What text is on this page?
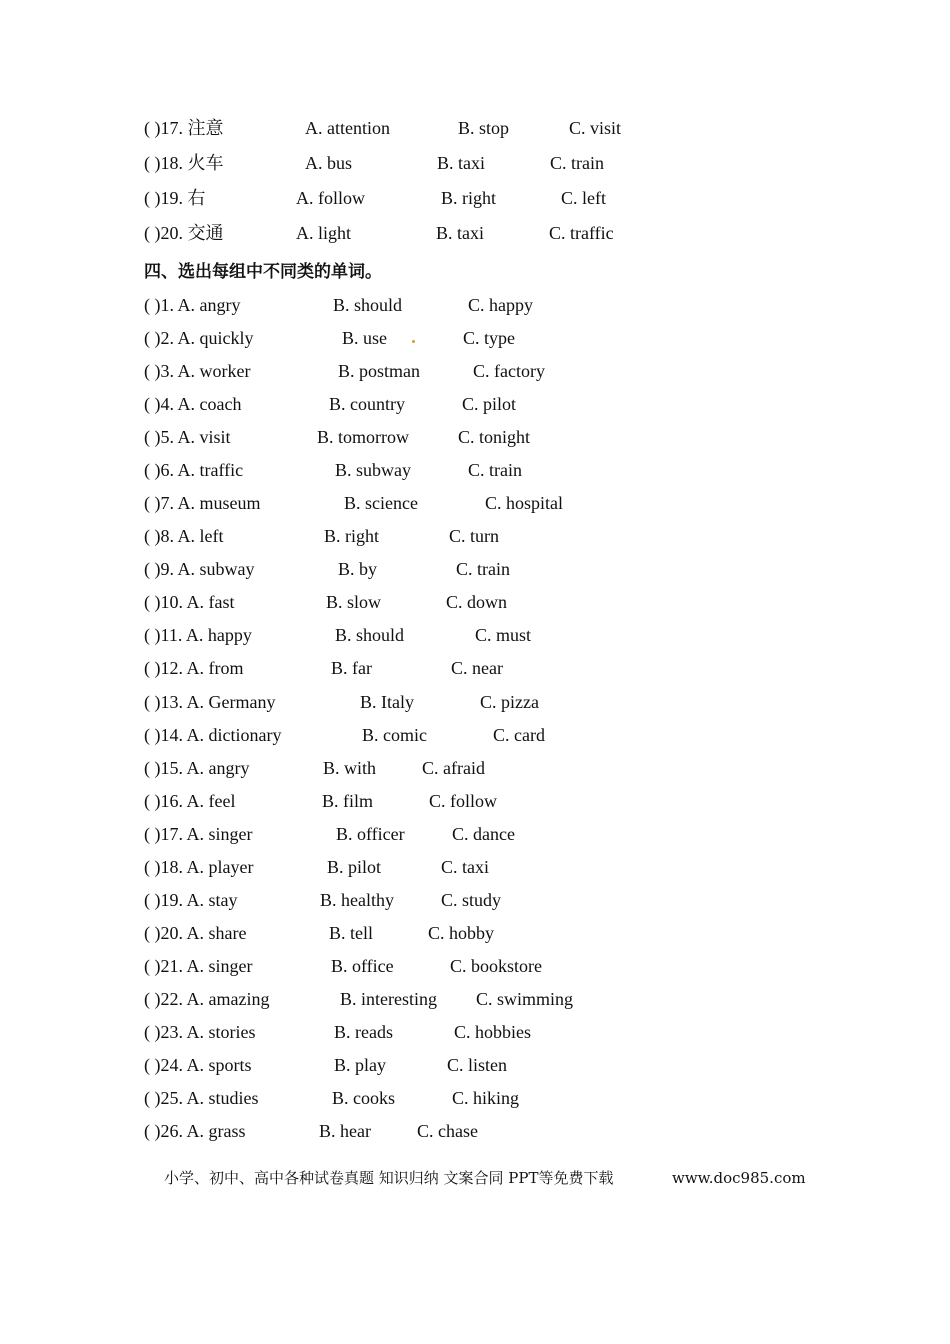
( )17. 注意	A. attention	B. stop	C. visit
( )18. 火车	A. bus	B. taxi	C. train
( )19. 右	A. follow	B. right	C. left
( )20. 交通	A. light	B. taxi	C. traffic
四、选出每组中不同类的单词。
( )1. A. angry	B. should	C. happy
( )2. A. quickly	B. use	C. type
( )3. A. worker	B. postman	C. factory
( )4. A. coach	B. country	C. pilot
( )5. A. visit	B. tomorrow	C. tonight
( )6. A. traffic	B. subway	C. train
( )7. A. museum	B. science	C. hospital
( )8. A. left	B. right	C. turn
( )9. A. subway	B. by	C. train
( )10. A. fast	B. slow	C. down
( )11. A. happy	B. should	C. must
( )12. A. from	B. far	C. near
( )13. A. Germany	B. Italy	C. pizza
( )14. A. dictionary	B. comic	C. card
( )15. A. angry	B. with	C. afraid
( )16. A. feel	B. film	C. follow
( )17. A. singer	B. officer	C. dance
( )18. A. player	B. pilot	C. taxi
( )19. A. stay	B. healthy	C. study
( )20. A. share	B. tell	C. hobby
( )21. A. singer	B. office	C. bookstore
( )22. A. amazing	B. interesting C. swimming
( )23. A. stories	B. reads	C. hobbies
( )24. A. sports	B. play	C. listen
( )25. A. studies	B. cooks	C. hiking
( )26. A. grass	B. hear	C. chase
小学、初中、高中各种试卷真题 知识归纳 文案合同 PPT等免费下载	www.doc985.com
